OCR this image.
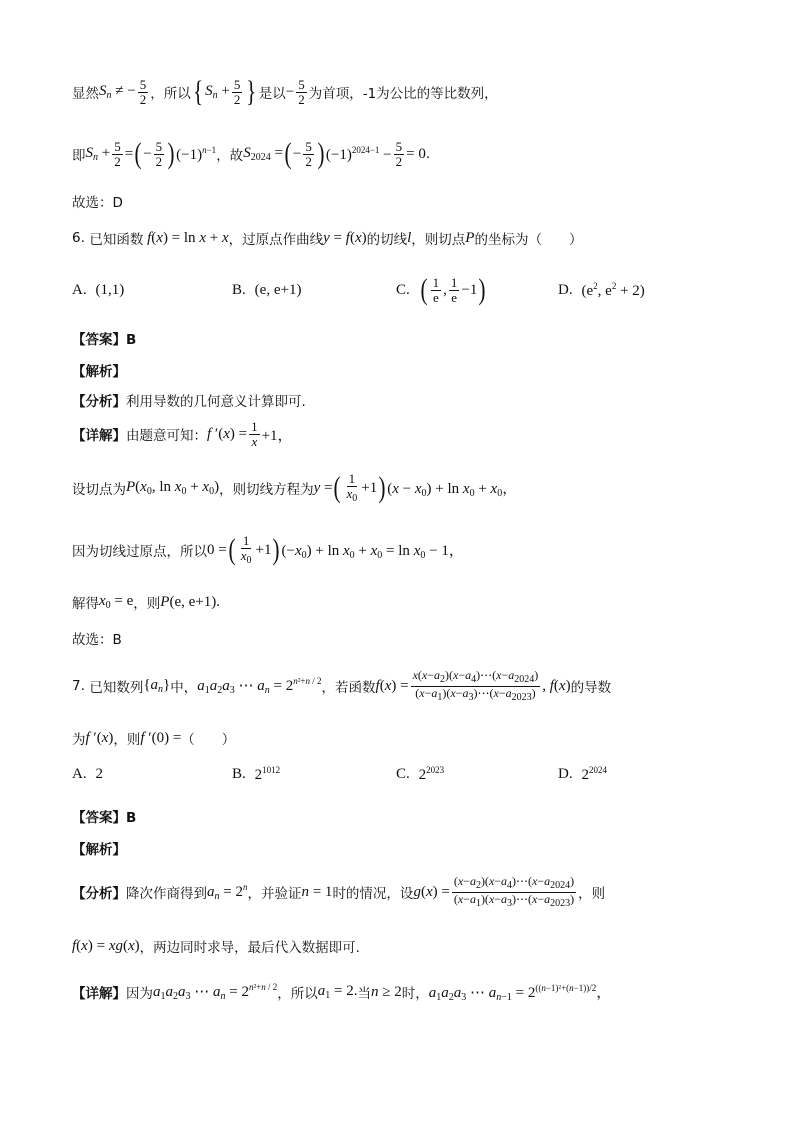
显然 $S_n$ ≠ − $\frac{5}{2}$ ，所以 { $S_n + \frac{5}{2}$ } 是以 − $\frac{5}{2}$ 为首项， -1为公比的等比数列，
即 $S_n + \frac{5}{2}$ = ( − $\frac{5}{2}$ ) $(-1)^{n-1}$ ，故 $S_{2024}$ = ( − $\frac{5}{2}$ ) $(-1)^{2024-1} - \frac{5}{2} = 0$ .
故选：D
6.
已知函数 f(x) = ln x + x ，过原点作曲线 y = f(x) 的切线 l ，则切点 P 的坐标为（　　）
A.
(1,1)	B.
(e, e+1)	C.
( $\frac{1}{e}$ , $\frac{1}{e} -1$ )	D.
($e^2$, $e^2 + 2$)
【答案】B
【解析】
【分析】 利用导数的几何意义计算即可.
【详解】 由题意可知： f $'(x) = \frac{1}{x} +1$，
设切点为 $P(x_0$, $\ln x_0 + x_0$) ，则切线方程为 y = ( $\frac{1}{x_0} +1$ ) $(x - x_0) + \ln x_0 + x_0$，
因为切线过原点，所以 0 = ( $\frac{1}{x_0} +1$ ) $(-x_0) + \ln x_0 + x_0 = \ln x_0 - 1$，
解得 $x_0 = e$ ，则 P(e, e+1).
故选：B
7.
已知数列 $\{a_n\}$ 中， $a_1a_2a_3$ ⋯ $a_n = 2^{n^2+n / 2}$ ，若函数 $f(x) = \frac{x(x-a_2)(x-a_4)\cdots(x-a_{2024})}{(x-a_1)(x-a_3)\cdots(x-a_{2023})}$ , f(x) 的导数
为 f ′(x) ，则 f ′(0) = （　　）
A.
2	B.
$2^{1012}$	C.
$2^{2023}$	D.
$2^{2024}$
【答案】B
【解析】
【分析】 降次作商得到 $a_n = 2^n$ ，并验证 n = 1 时的情况，设 $g(x) = \frac{(x-a_2)(x-a_4)\cdots(x-a_{2024})}{(x-a_1)(x-a_3)\cdots(x-a_{2023})}$ ，则
f(x) = xg(x) ，两边同时求导，最后代入数据即可.
【详解】 因为 $a_1a_2a_3$ ⋯ $a_n = 2^{n^2+n / 2}$ ，所以 $a_1 = 2$. 当 n ≥ 2 时， $a_1a_2a_3$ ⋯ $a_{n-1} = 2^{((n-1)^2+(n-1))/2}$，
